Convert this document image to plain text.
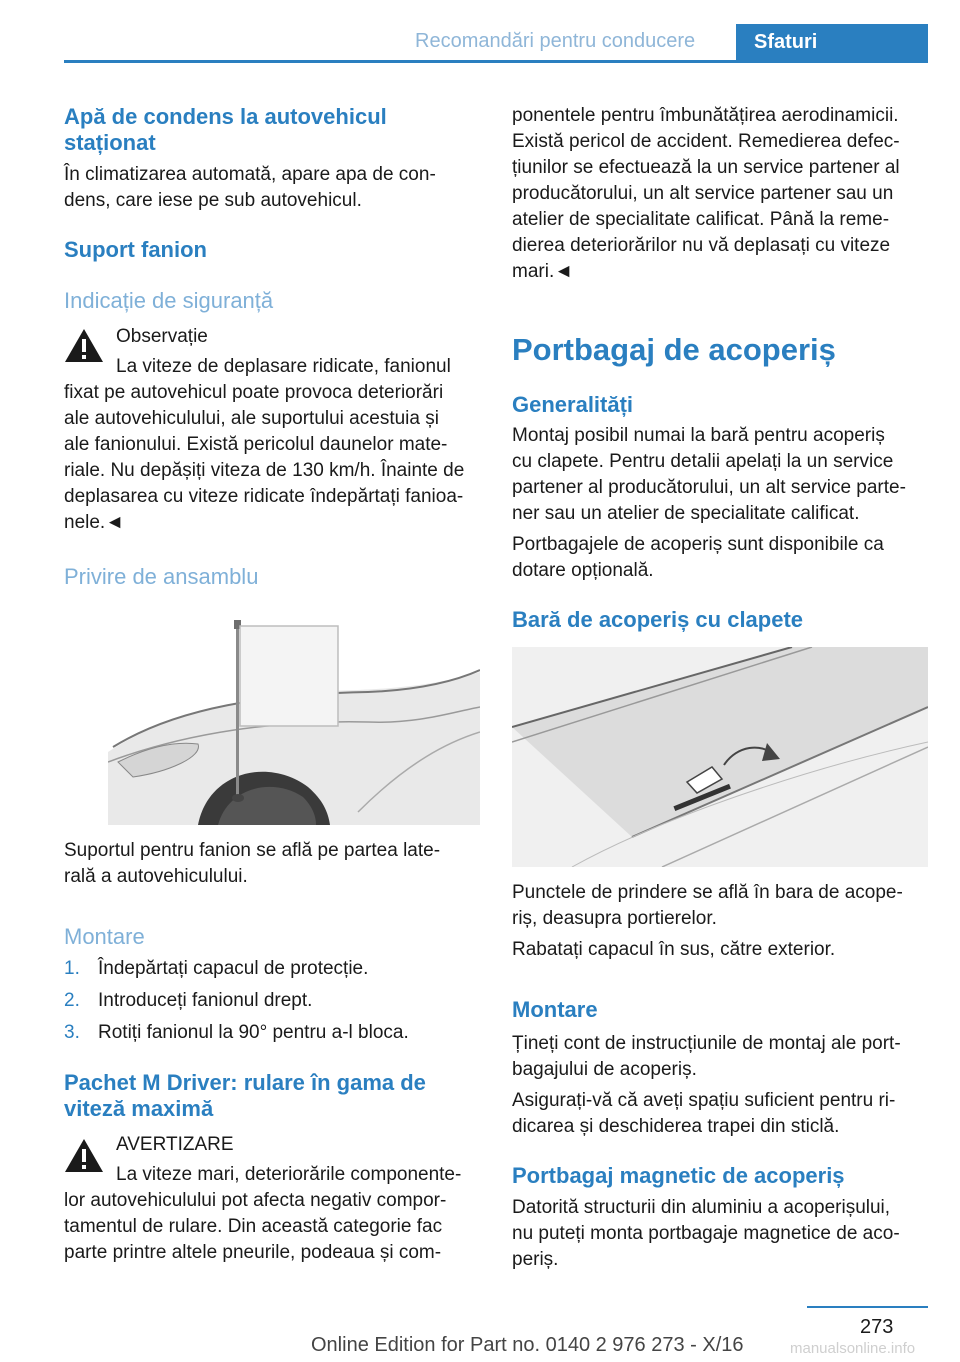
Recomandări pentru conducere	Sfaturi
Apă de condens la autovehicul
staționat
În climatizarea automată, apare apa de con-
dens, care iese pe sub autovehicul.
Suport fanion
Indicație de siguranță
Observație
La viteze de deplasare ridicate, fanionul
fixat pe autovehicul poate provoca deteriorări
ale autovehiculului, ale suportului acestuia și
ale fanionului. Există pericolul daunelor mate-
riale. Nu depășiți viteza de 130 km/h. Înainte de
deplasarea cu viteze ridicate îndepărtați fanioa-
nele.◄
Privire de ansamblu
Suportul pentru fanion se află pe partea late-
rală a autovehiculului.
Montare
1. Îndepărtați capacul de protecție.
2. Introduceți fanionul drept.
3. Rotiți fanionul la 90° pentru a-l bloca.
Pachet M Driver: rulare în gama de
viteză maximă
AVERTIZARE
La viteze mari, deteriorările componente-
lor autovehiculului pot afecta negativ compor-
tamentul de rulare. Din această categorie fac
parte printre altele pneurile, podeaua și com-
ponentele pentru îmbunătățirea aerodinamicii.
Există pericol de accident. Remedierea defec-
țiunilor se efectuează la un service partener al
producătorului, un alt service partener sau un
atelier de specialitate calificat. Până la reme-
dierea deteriorărilor nu vă deplasați cu viteze
mari.◄
Portbagaj de acoperiș
Generalități
Montaj posibil numai la bară pentru acoperiș
cu clapete. Pentru detalii apelați la un service
partener al producătorului, un alt service parte-
ner sau un atelier de specialitate calificat.
Portbagajele de acoperiș sunt disponibile ca
dotare opțională.
Bară de acoperiș cu clapete
Punctele de prindere se află în bara de acope-
riș, deasupra portierelor.
Rabatați capacul în sus, către exterior.
Montare
Țineți cont de instrucțiunile de montaj ale port-
bagajului de acoperiș.
Asigurați-vă că aveți spațiu suficient pentru ri-
dicarea și deschiderea trapei din sticlă.
Portbagaj magnetic de acoperiș
Datorită structurii din aluminiu a acoperișului,
nu puteți monta portbagaje magnetice de aco-
periș.
273
Online Edition for Part no. 0140 2 976 273 - X/16	manualsonline.info
